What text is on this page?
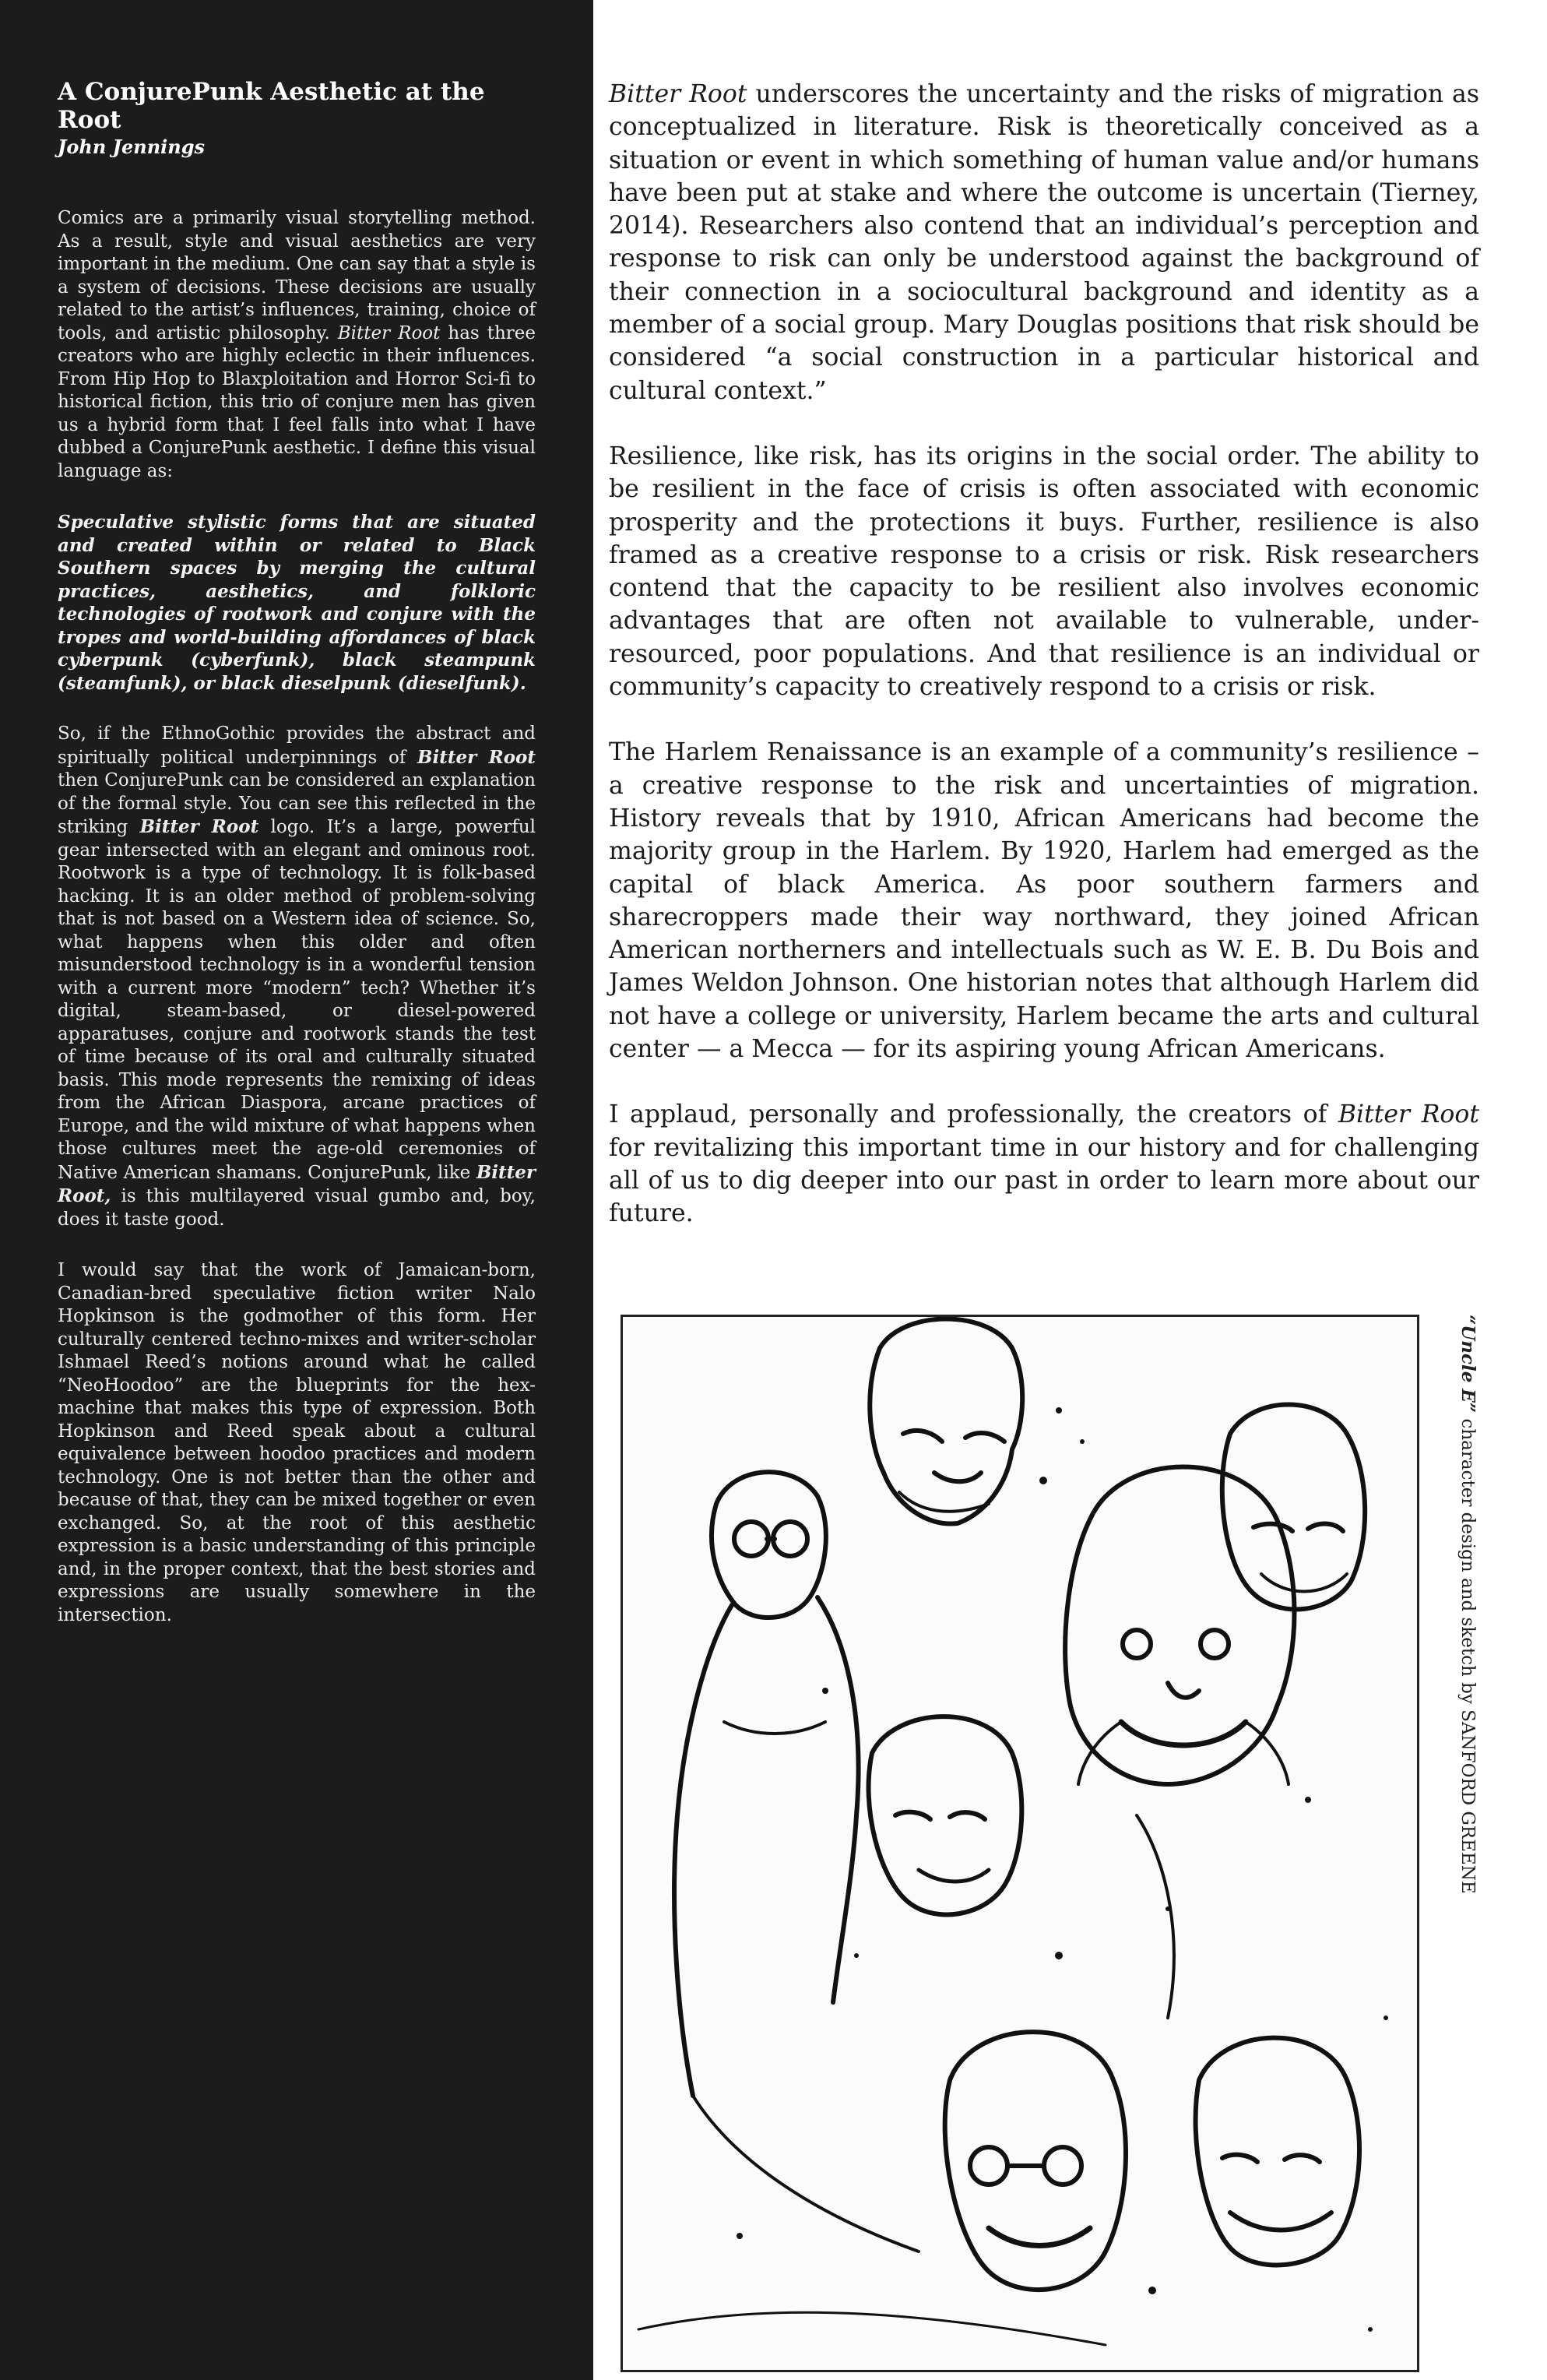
A ConjurePunk Aesthetic at the Root

John Jennings

Comics are a primarily visual storytelling method. As a result, style and visual aesthetics are very important in the medium. One can say that a style is a system of decisions. These decisions are usually related to the artist’s influences, training, choice of tools, and artistic philosophy. Bitter Root has three creators who are highly eclectic in their influences. From Hip Hop to Blaxploitation and Horror Sci-fi to historical fiction, this trio of conjure men has given us a hybrid form that I feel falls into what I have dubbed a ConjurePunk aesthetic. I define this visual language as:

Speculative stylistic forms that are situated and created within or related to Black Southern spaces by merging the cultural practices, aesthetics, and folkloric technologies of rootwork and conjure with the tropes and world-building affordances of black cyberpunk (cyberfunk), black steampunk (steamfunk), or black dieselpunk (dieselfunk).

So, if the EthnoGothic provides the abstract and spiritually political underpinnings of Bitter Root then ConjurePunk can be considered an explanation of the formal style. You can see this reflected in the striking Bitter Root logo. It’s a large, powerful gear intersected with an elegant and ominous root. Rootwork is a type of technology. It is folk-based hacking. It is an older method of problem-solving that is not based on a Western idea of science. So, what happens when this older and often misunderstood technology is in a wonderful tension with a current more “modern” tech? Whether it’s digital, steam-based, or diesel-powered apparatuses, conjure and rootwork stands the test of time because of its oral and culturally situated basis. This mode represents the remixing of ideas from the African Diaspora, arcane practices of Europe, and the wild mixture of what happens when those cultures meet the age-old ceremonies of Native American shamans. ConjurePunk, like Bitter Root, is this multilayered visual gumbo and, boy, does it taste good.

I would say that the work of Jamaican-born, Canadian-bred speculative fiction writer Nalo Hopkinson is the godmother of this form. Her culturally centered techno-mixes and writer-scholar Ishmael Reed’s notions around what he called “NeoHoodoo” are the blueprints for the hex-machine that makes this type of expression. Both Hopkinson and Reed speak about a cultural equivalence between hoodoo practices and modern technology. One is not better than the other and because of that, they can be mixed together or even exchanged. So, at the root of this aesthetic expression is a basic understanding of this principle and, in the proper context, that the best stories and expressions are usually somewhere in the intersection.

Bitter Root underscores the uncertainty and the risks of migration as conceptualized in literature. Risk is theoretically conceived as a situation or event in which something of human value and/or humans have been put at stake and where the outcome is uncertain (Tierney, 2014). Researchers also contend that an individual’s perception and response to risk can only be understood against the background of their connection in a sociocultural background and identity as a member of a social group. Mary Douglas positions that risk should be considered “a social construction in a particular historical and cultural context.”

Resilience, like risk, has its origins in the social order. The ability to be resilient in the face of crisis is often associated with economic prosperity and the protections it buys. Further, resilience is also framed as a creative response to a crisis or risk. Risk researchers contend that the capacity to be resilient also involves economic advantages that are often not available to vulnerable, under-resourced, poor populations. And that resilience is an individual or community’s capacity to creatively respond to a crisis or risk.

The Harlem Renaissance is an example of a community’s resilience – a creative response to the risk and uncertainties of migration. History reveals that by 1910, African Americans had become the majority group in the Harlem. By 1920, Harlem had emerged as the capital of black America. As poor southern farmers and sharecroppers made their way northward, they joined African American northerners and intellectuals such as W. E. B. Du Bois and James Weldon Johnson. One historian notes that although Harlem did not have a college or university, Harlem became the arts and cultural center — a Mecca — for its aspiring young African Americans.

I applaud, personally and professionally, the creators of Bitter Root for revitalizing this important time in our history and for challenging all of us to dig deeper into our past in order to learn more about our future.

“Uncle E” character design and sketch by SANFORD GREENE
